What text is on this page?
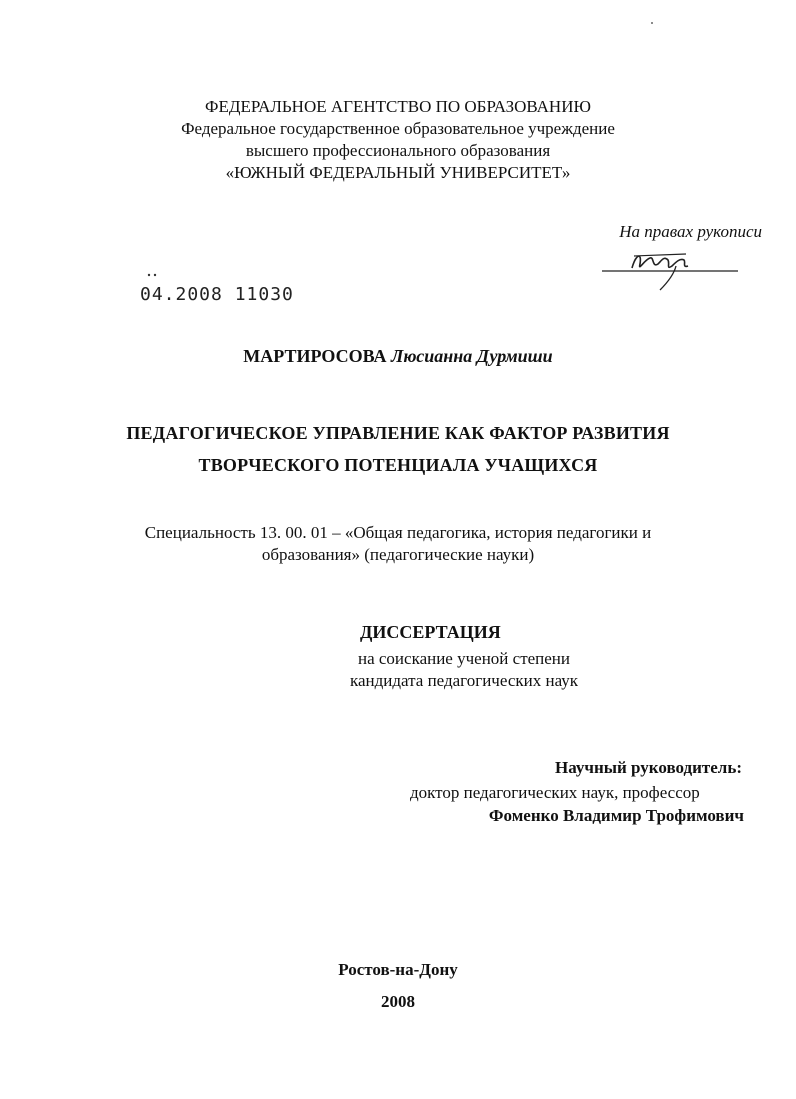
ФЕДЕРАЛЬНОЕ АГЕНТСТВО ПО ОБРАЗОВАНИЮ
Федеральное государственное образовательное учреждение
высшего профессионального образования
«ЮЖНЫЙ ФЕДЕРАЛЬНЫЙ УНИВЕРСИТЕТ»
На правах рукописи
04.2008 11030
МАРТИРОСОВА Люсианна Дурмиши
ПЕДАГОГИЧЕСКОЕ УПРАВЛЕНИЕ КАК ФАКТОР РАЗВИТИЯ
ТВОРЧЕСКОГО ПОТЕНЦИАЛА УЧАЩИХСЯ
Специальность 13. 00. 01 – «Общая педагогика, история педагогики и
образования» (педагогические науки)
ДИССЕРТАЦИЯ
на соискание ученой степени
кандидата педагогических наук
Научный руководитель:
доктор педагогических наук, профессор
Фоменко Владимир Трофимович
Ростов-на-Дону
2008
